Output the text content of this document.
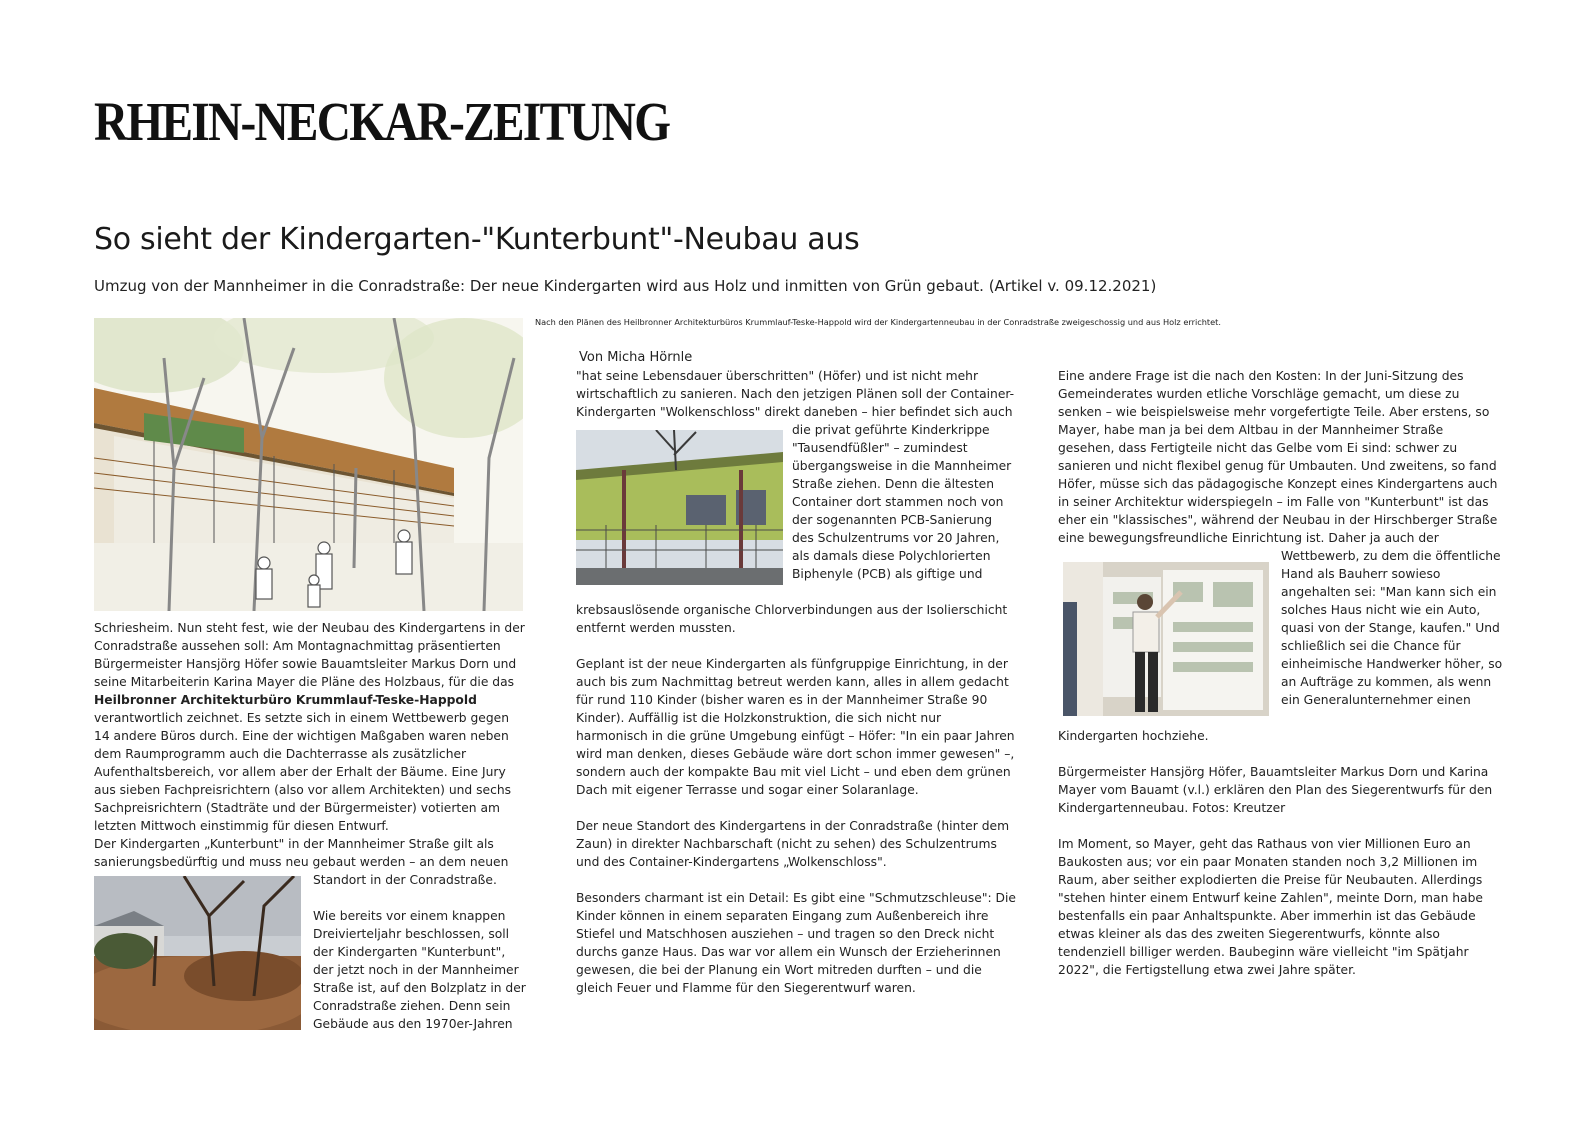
RHEIN-NECKAR-ZEITUNG
So sieht der Kindergarten-"Kunterbunt"-Neubau aus
Umzug von der Mannheimer in die Conradstraße: Der neue Kindergarten wird aus Holz und inmitten von Grün gebaut. (Artikel v. 09.12.2021)
Nach den Plänen des Heilbronner Architekturbüros Krummlauf-Teske-Happold wird der Kindergartenneubau in der Conradstraße zweigeschossig und aus Holz errichtet.
Von Micha Hörnle

Schriesheim. Nun steht fest, wie der Neubau des Kindergartens in der Conradstraße aussehen soll: Am Montagnachmittag präsentierten Bürgermeister Hansjörg Höfer sowie Bauamtsleiter Markus Dorn und seine Mitarbeiterin Karina Mayer die Pläne des Holzbaus, für die das Heilbronner Architekturbüro Krummlauf-Teske-Happold verantwortlich zeichnet. Es setzte sich in einem Wettbewerb gegen 14 andere Büros durch. Eine der wichtigen Maßgaben waren neben dem Raumprogramm auch die Dachterrasse als zusätzlicher Aufenthaltsbereich, vor allem aber der Erhalt der Bäume. Eine Jury aus sieben Fachpreisrichtern (also vor allem Architekten) und sechs Sachpreisrichtern (Stadträte und der Bürgermeister) votierten am letzten Mittwoch einstimmig für diesen Entwurf.

Der Kindergarten „Kunterbunt" in der Mannheimer Straße gilt als sanierungsbedürftig und muss neu gebaut werden – an dem neuen

Standort in der Conradstraße.

Wie bereits vor einem knappen Dreivierteljahr beschlossen, soll der Kindergarten "Kunterbunt", der jetzt noch in der Mannheimer Straße ist, auf den Bolzplatz in der Conradstraße ziehen. Denn sein Gebäude aus den 1970er-Jahren

"hat seine Lebensdauer überschritten" (Höfer) und ist nicht mehr wirtschaftlich zu sanieren. Nach den jetzigen Plänen soll der Container-Kindergarten "Wolkenschloss" direkt daneben – hier befindet sich auch

die privat geführte Kinderkrippe "Tausendfüßler" – zumindest übergangsweise in die Mannheimer Straße ziehen. Denn die ältesten Container dort stammen noch von der sogenannten PCB-Sanierung des Schulzentrums vor 20 Jahren, als damals diese Polychlorierten Biphenyle (PCB) als giftige und

krebsauslösende organische Chlorverbindungen aus der Isolierschicht entfernt werden mussten.

Geplant ist der neue Kindergarten als fünfgruppige Einrichtung, in der auch bis zum Nachmittag betreut werden kann, alles in allem gedacht für rund 110 Kinder (bisher waren es in der Mannheimer Straße 90 Kinder). Auffällig ist die Holzkonstruktion, die sich nicht nur harmonisch in die grüne Umgebung einfügt – Höfer: "In ein paar Jahren wird man denken, dieses Gebäude wäre dort schon immer gewesen" –, sondern auch der kompakte Bau mit viel Licht – und eben dem grünen Dach mit eigener Terrasse und sogar einer Solaranlage.

Der neue Standort des Kindergartens in der Conradstraße (hinter dem Zaun) in direkter Nachbarschaft (nicht zu sehen) des Schulzentrums und des Container-Kindergartens „Wolkenschloss".

Besonders charmant ist ein Detail: Es gibt eine "Schmutzschleuse": Die Kinder können in einem separaten Eingang zum Außenbereich ihre Stiefel und Matschhosen ausziehen – und tragen so den Dreck nicht durchs ganze Haus. Das war vor allem ein Wunsch der Erzieherinnen gewesen, die bei der Planung ein Wort mitreden durften – und die gleich Feuer und Flamme für den Siegerentwurf waren.

Eine andere Frage ist die nach den Kosten: In der Juni-Sitzung des Gemeinderates wurden etliche Vorschläge gemacht, um diese zu senken – wie beispielsweise mehr vorgefertigte Teile. Aber erstens, so Mayer, habe man ja bei dem Altbau in der Mannheimer Straße gesehen, dass Fertigteile nicht das Gelbe vom Ei sind: schwer zu sanieren und nicht flexibel genug für Umbauten. Und zweitens, so fand Höfer, müsse sich das pädagogische Konzept eines Kindergartens auch in seiner Architektur widerspiegeln – im Falle von "Kunterbunt" ist das eher ein "klassisches", während der Neubau in der Hirschberger Straße eine bewegungsfreundliche Einrichtung ist. Daher ja auch der

Wettbewerb, zu dem die öffentliche Hand als Bauherr sowieso angehalten sei: "Man kann sich ein solches Haus nicht wie ein Auto, quasi von der Stange, kaufen." Und schließlich sei die Chance für einheimische Handwerker höher, so an Aufträge zu kommen, als wenn ein Generalunternehmer einen

Kindergarten hochziehe.

Bürgermeister Hansjörg Höfer, Bauamtsleiter Markus Dorn und Karina Mayer vom Bauamt (v.l.) erklären den Plan des Siegerentwurfs für den Kindergartenneubau. Fotos: Kreutzer

Im Moment, so Mayer, geht das Rathaus von vier Millionen Euro an Baukosten aus; vor ein paar Monaten standen noch 3,2 Millionen im Raum, aber seither explodierten die Preise für Neubauten. Allerdings "stehen hinter einem Entwurf keine Zahlen", meinte Dorn, man habe bestenfalls ein paar Anhaltspunkte. Aber immerhin ist das Gebäude etwas kleiner als das des zweiten Siegerentwurfs, könnte also tendenziell billiger werden. Baubeginn wäre vielleicht "im Spätjahr 2022", die Fertigstellung etwa zwei Jahre später.
